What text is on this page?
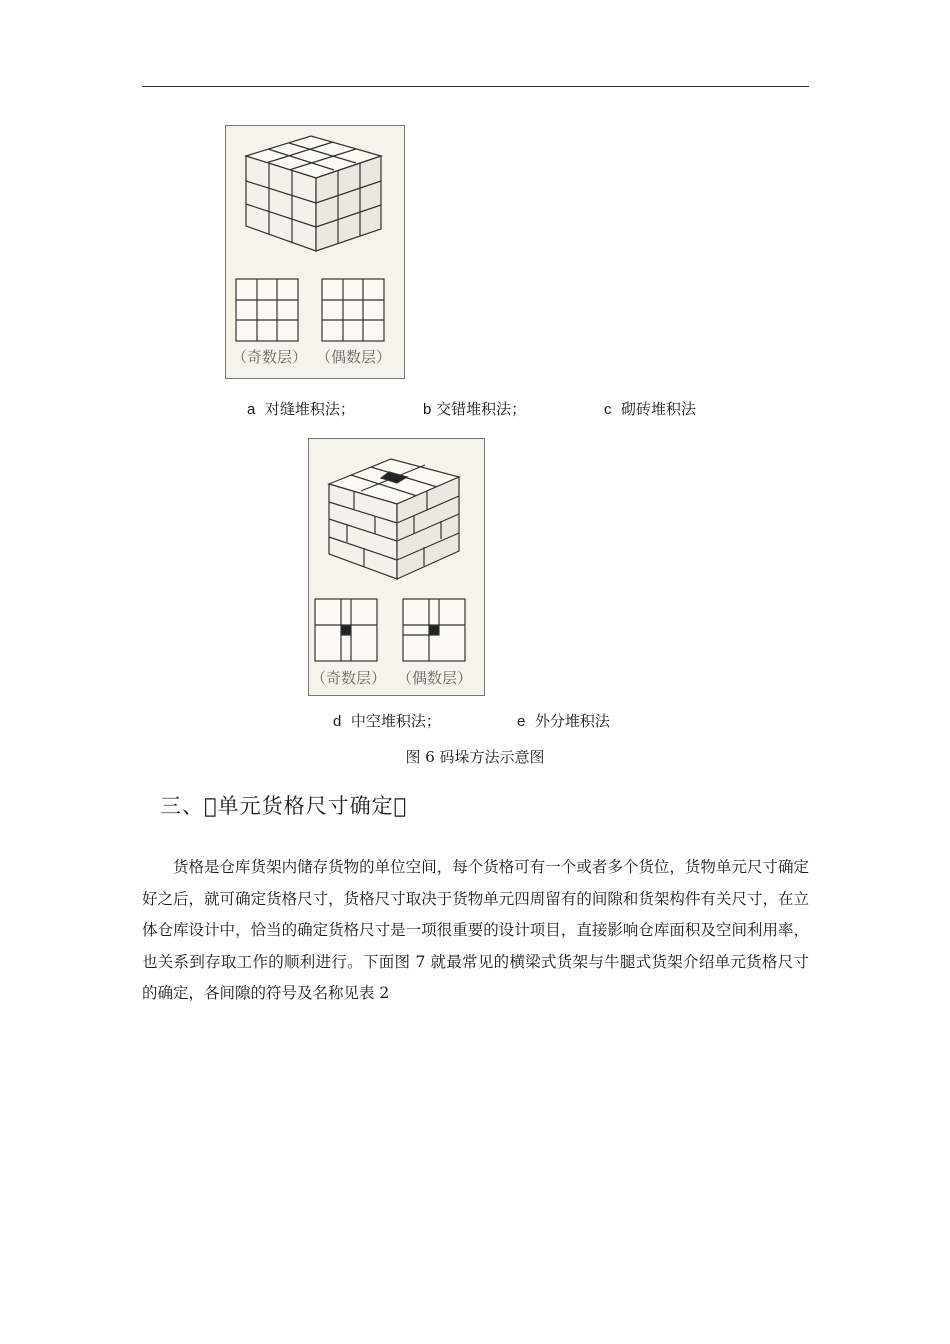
（奇数层） （偶数层）
a 对缝堆积法；	b 交错堆积法；	c 砌砖堆积法
（奇数层） （偶数层）
d 中空堆积法；	e 外分堆积法
图 6 码垛方法示意图
三、 单元货格尺寸确定 
货格是仓库货架内储存货物的单位空间，每个货格可有一个或者多个货位，货物单元尺寸确定好之后，就可确定货格尺寸，货格尺寸取决于货物单元四周留有的间隙和货架构件有关尺寸，在立体仓库设计中，恰当的确定货格尺寸是一项很重要的设计项目，直接影响仓库面积及空间利用率，也关系到存取工作的顺利进行。下面图 7 就最常见的横梁式货架与牛腿式货架介绍单元货格尺寸的确定，各间隙的符号及名称见表 2
